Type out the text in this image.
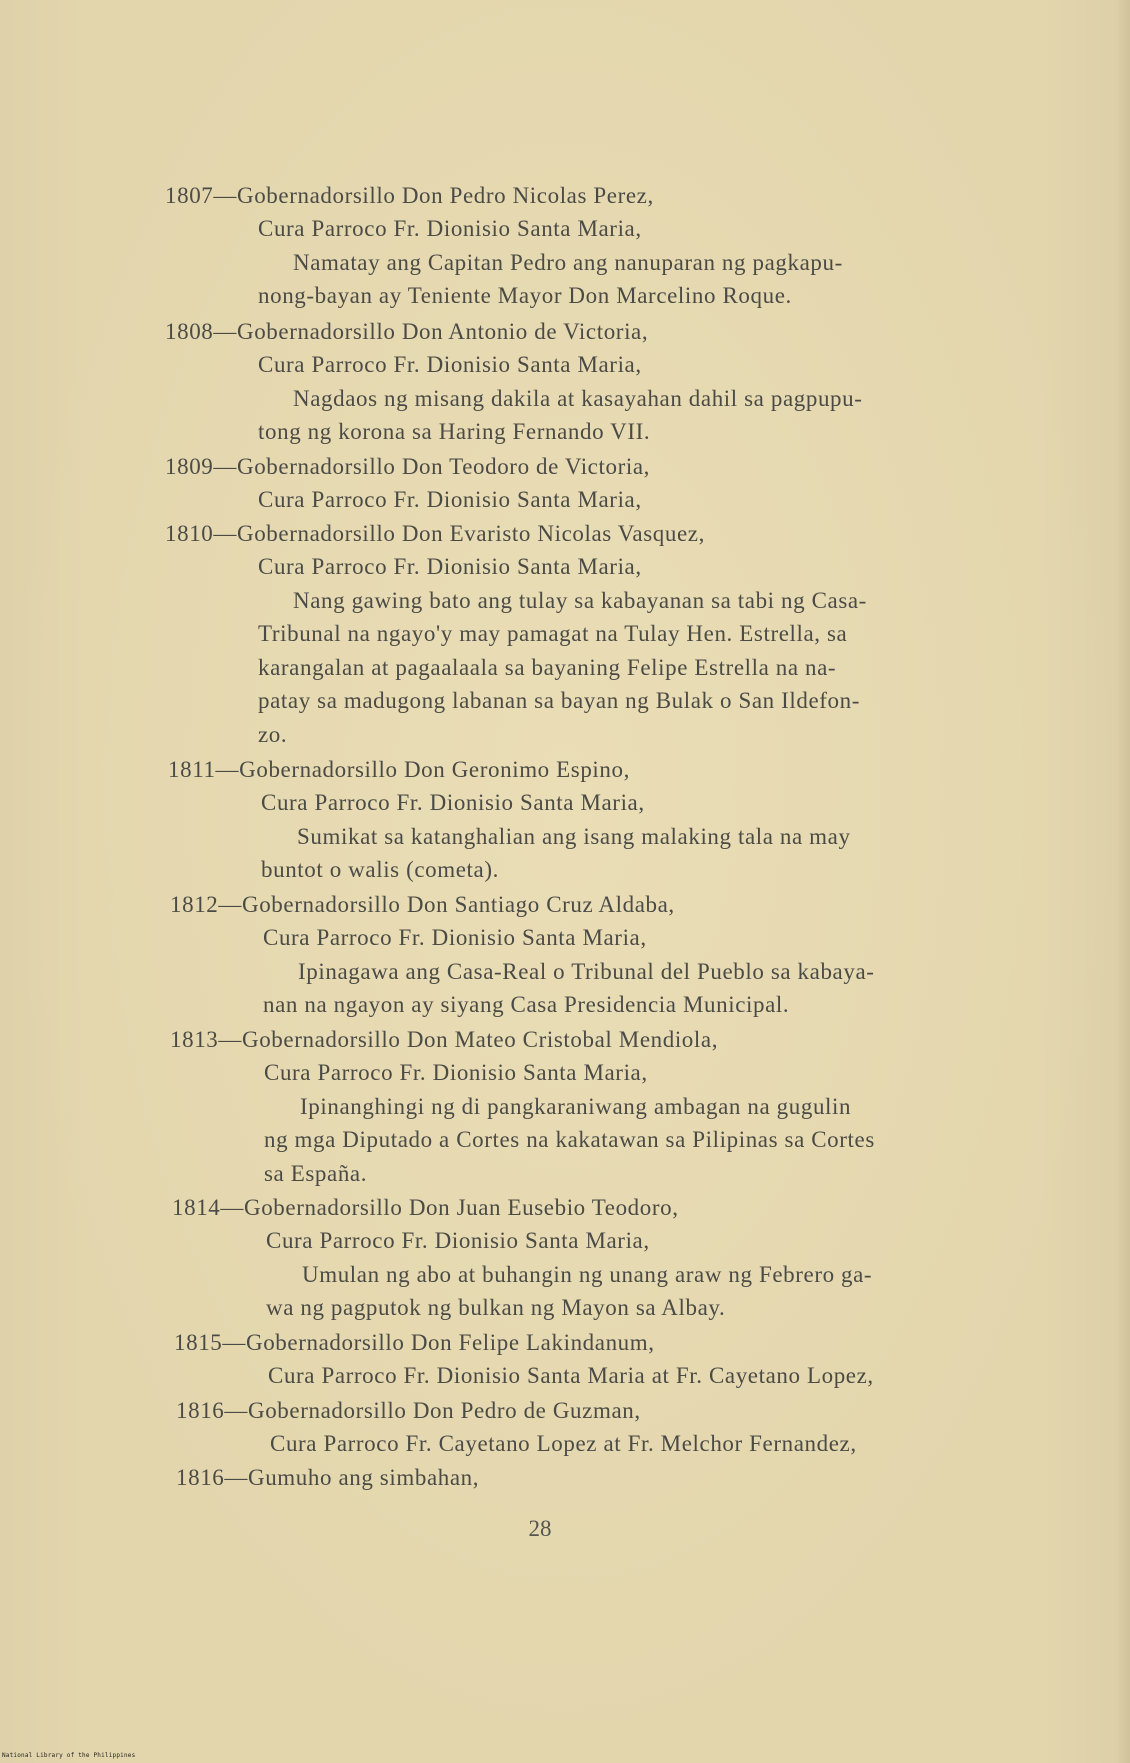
1807—Gobernadorsillo Don Pedro Nicolas Perez,
Cura Parroco Fr. Dionisio Santa Maria,
Namatay ang Capitan Pedro ang nanuparan ng pagkapu-
nong-bayan ay Teniente Mayor Don Marcelino Roque.
1808—Gobernadorsillo Don Antonio de Victoria,
Cura Parroco Fr. Dionisio Santa Maria,
Nagdaos ng misang dakila at kasayahan dahil sa pagpupu-
tong ng korona sa Haring Fernando VII.
1809—Gobernadorsillo Don Teodoro de Victoria,
Cura Parroco Fr. Dionisio Santa Maria,
1810—Gobernadorsillo Don Evaristo Nicolas Vasquez,
Cura Parroco Fr. Dionisio Santa Maria,
Nang gawing bato ang tulay sa kabayanan sa tabi ng Casa-
Tribunal na ngayo'y may pamagat na Tulay Hen. Estrella, sa
karangalan at pagaalaala sa bayaning Felipe Estrella na na-
patay sa madugong labanan sa bayan ng Bulak o San Ildefon-
zo.
1811—Gobernadorsillo Don Geronimo Espino,
Cura Parroco Fr. Dionisio Santa Maria,
Sumikat sa katanghalian ang isang malaking tala na may
buntot o walis (cometa).
1812—Gobernadorsillo Don Santiago Cruz Aldaba,
Cura Parroco Fr. Dionisio Santa Maria,
Ipinagawa ang Casa-Real o Tribunal del Pueblo sa kabaya-
nan na ngayon ay siyang Casa Presidencia Municipal.
1813—Gobernadorsillo Don Mateo Cristobal Mendiola,
Cura Parroco Fr. Dionisio Santa Maria,
Ipinanghingi ng di pangkaraniwang ambagan na gugulin
ng mga Diputado a Cortes na kakatawan sa Pilipinas sa Cortes
sa España.
1814—Gobernadorsillo Don Juan Eusebio Teodoro,
Cura Parroco Fr. Dionisio Santa Maria,
Umulan ng abo at buhangin ng unang araw ng Febrero ga-
wa ng pagputok ng bulkan ng Mayon sa Albay.
1815—Gobernadorsillo Don Felipe Lakindanum,
Cura Parroco Fr. Dionisio Santa Maria at Fr. Cayetano Lopez,
1816—Gobernadorsillo Don Pedro de Guzman,
Cura Parroco Fr. Cayetano Lopez at Fr. Melchor Fernandez,
1816—Gumuho ang simbahan,
28
National Library of the Philippines
